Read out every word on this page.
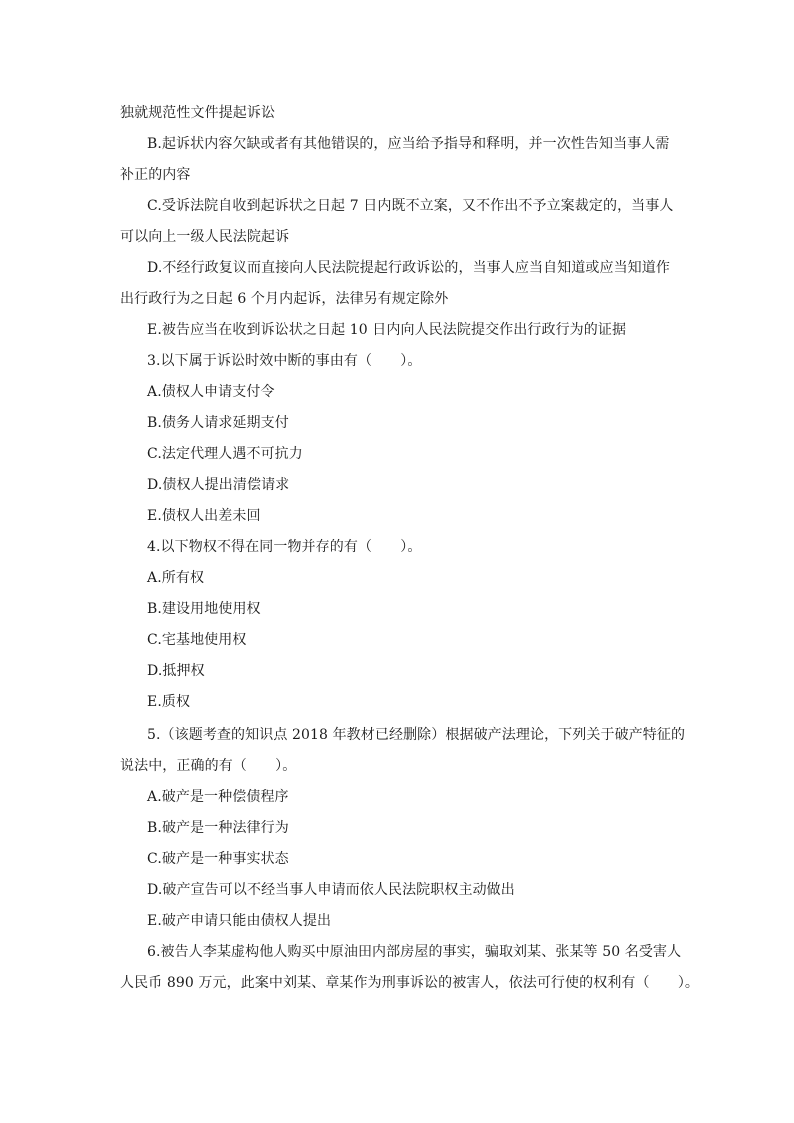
独就规范性文件提起诉讼
B.起诉状内容欠缺或者有其他错误的，应当给予指导和释明，并一次性告知当事人需
补正的内容
C.受诉法院自收到起诉状之日起 7 日内既不立案，又不作出不予立案裁定的，当事人
可以向上一级人民法院起诉
D.不经行政复议而直接向人民法院提起行政诉讼的，当事人应当自知道或应当知道作
出行政行为之日起 6 个月内起诉，法律另有规定除外
E.被告应当在收到诉讼状之日起 10 日内向人民法院提交作出行政行为的证据
3.以下属于诉讼时效中断的事由有（　　）。
A.债权人申请支付令
B.债务人请求延期支付
C.法定代理人遇不可抗力
D.债权人提出清偿请求
E.债权人出差未回
4.以下物权不得在同一物并存的有（　　）。
A.所有权
B.建设用地使用权
C.宅基地使用权
D.抵押权
E.质权
5.（该题考查的知识点 2018 年教材已经删除）根据破产法理论，下列关于破产特征的
说法中，正确的有（　　）。
A.破产是一种偿债程序
B.破产是一种法律行为
C.破产是一种事实状态
D.破产宣告可以不经当事人申请而依人民法院职权主动做出
E.破产申请只能由债权人提出
6.被告人李某虚构他人购买中原油田内部房屋的事实，骗取刘某、张某等 50 名受害人
人民币 890 万元，此案中刘某、章某作为刑事诉讼的被害人，依法可行使的权利有（　　）。
